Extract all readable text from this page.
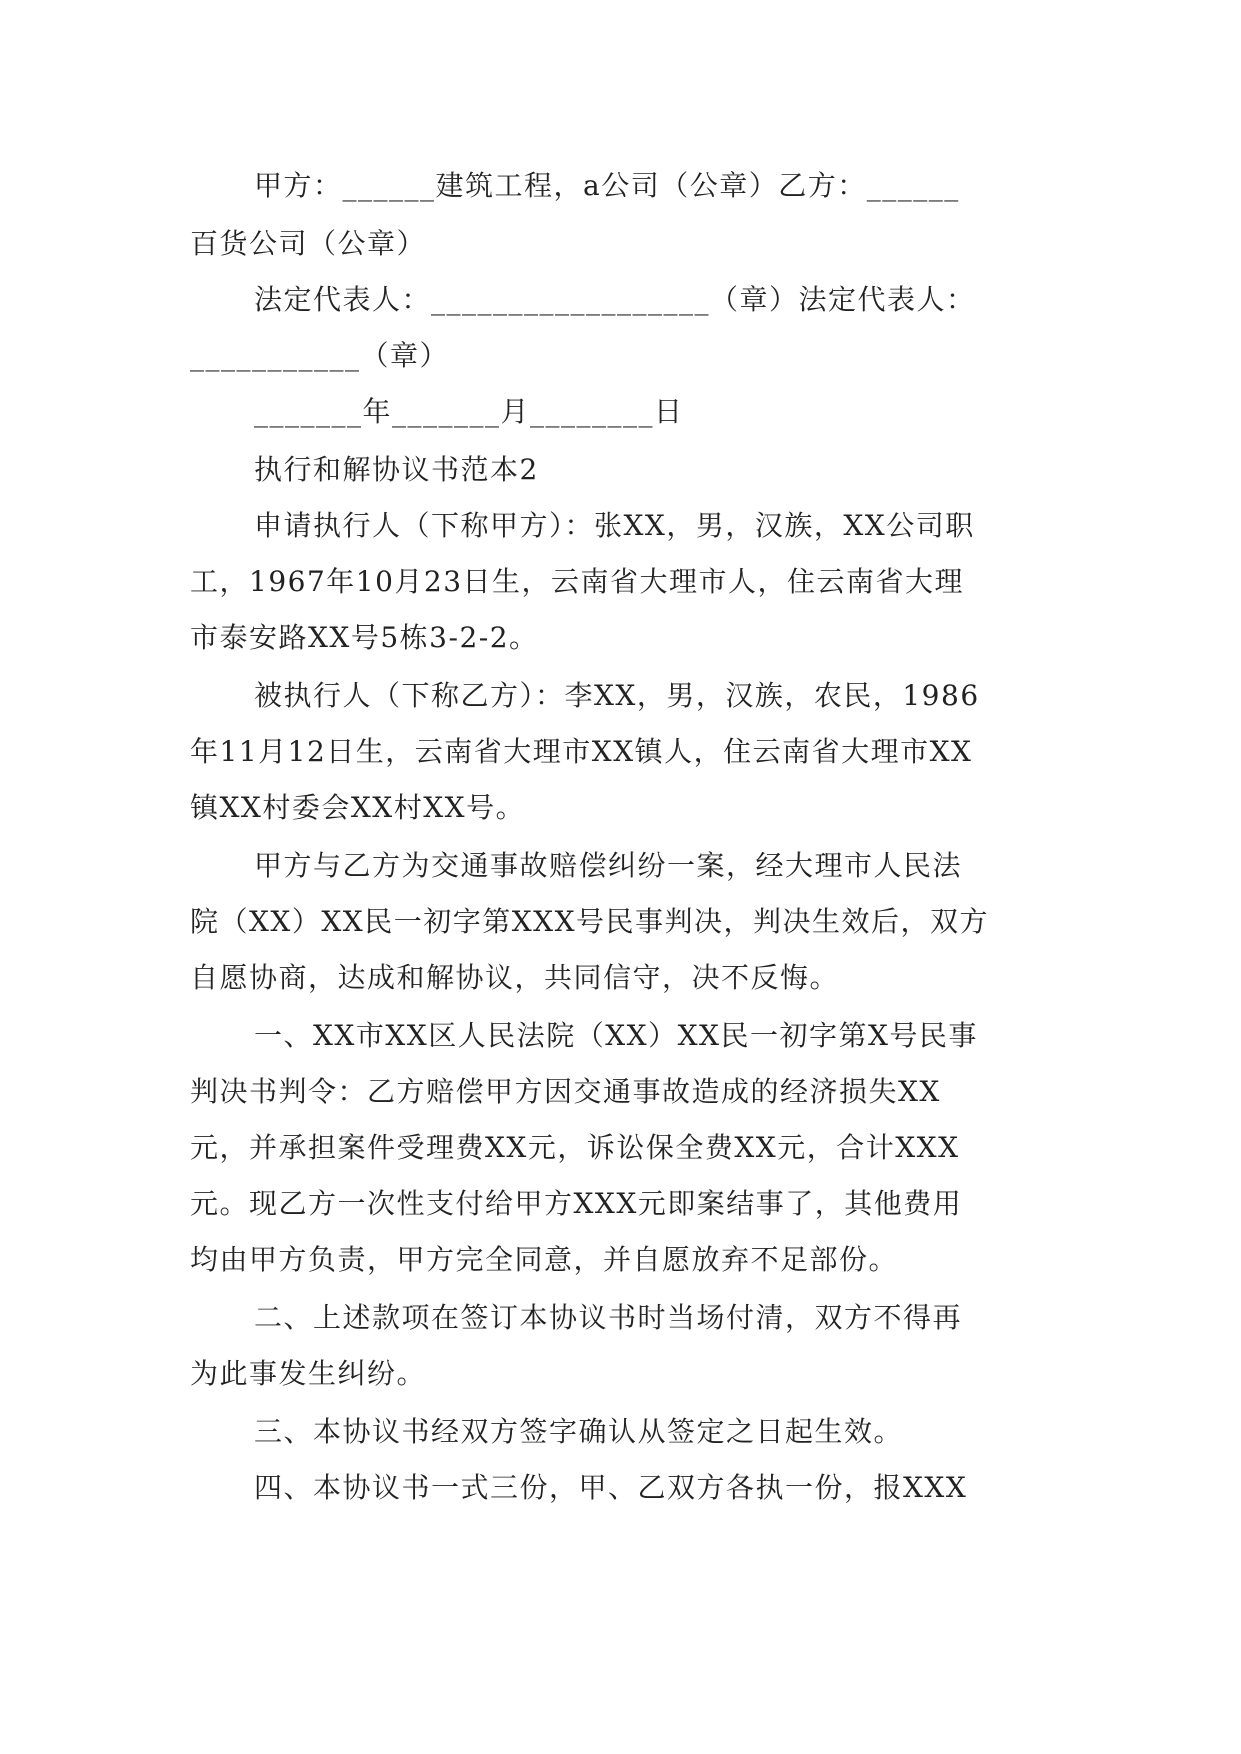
甲方：______建筑工程，a公司（公章）乙方：______
百货公司（公章）
法定代表人：__________________（章）法定代表人：
___________（章）
_______年_______月________日
执行和解协议书范本2
申请执行人（下称甲方）：张XX，男，汉族，XX公司职
工，1967年10月23日生，云南省大理市人，住云南省大理
市泰安路XX号5栋3-2-2。
被执行人（下称乙方）：李XX，男，汉族，农民，1986
年11月12日生，云南省大理市XX镇人，住云南省大理市XX
镇XX村委会XX村XX号。
甲方与乙方为交通事故赔偿纠纷一案，经大理市人民法
院（XX）XX民一初字第XXX号民事判决，判决生效后，双方
自愿协商，达成和解协议，共同信守，决不反悔。
一、XX市XX区人民法院（XX）XX民一初字第X号民事
判决书判令：乙方赔偿甲方因交通事故造成的经济损失XX
元，并承担案件受理费XX元，诉讼保全费XX元，合计XXX
元。现乙方一次性支付给甲方XXX元即案结事了，其他费用
均由甲方负责，甲方完全同意，并自愿放弃不足部份。
二、上述款项在签订本协议书时当场付清，双方不得再
为此事发生纠纷。
三、本协议书经双方签字确认从签定之日起生效。
四、本协议书一式三份，甲、乙双方各执一份，报XXX
